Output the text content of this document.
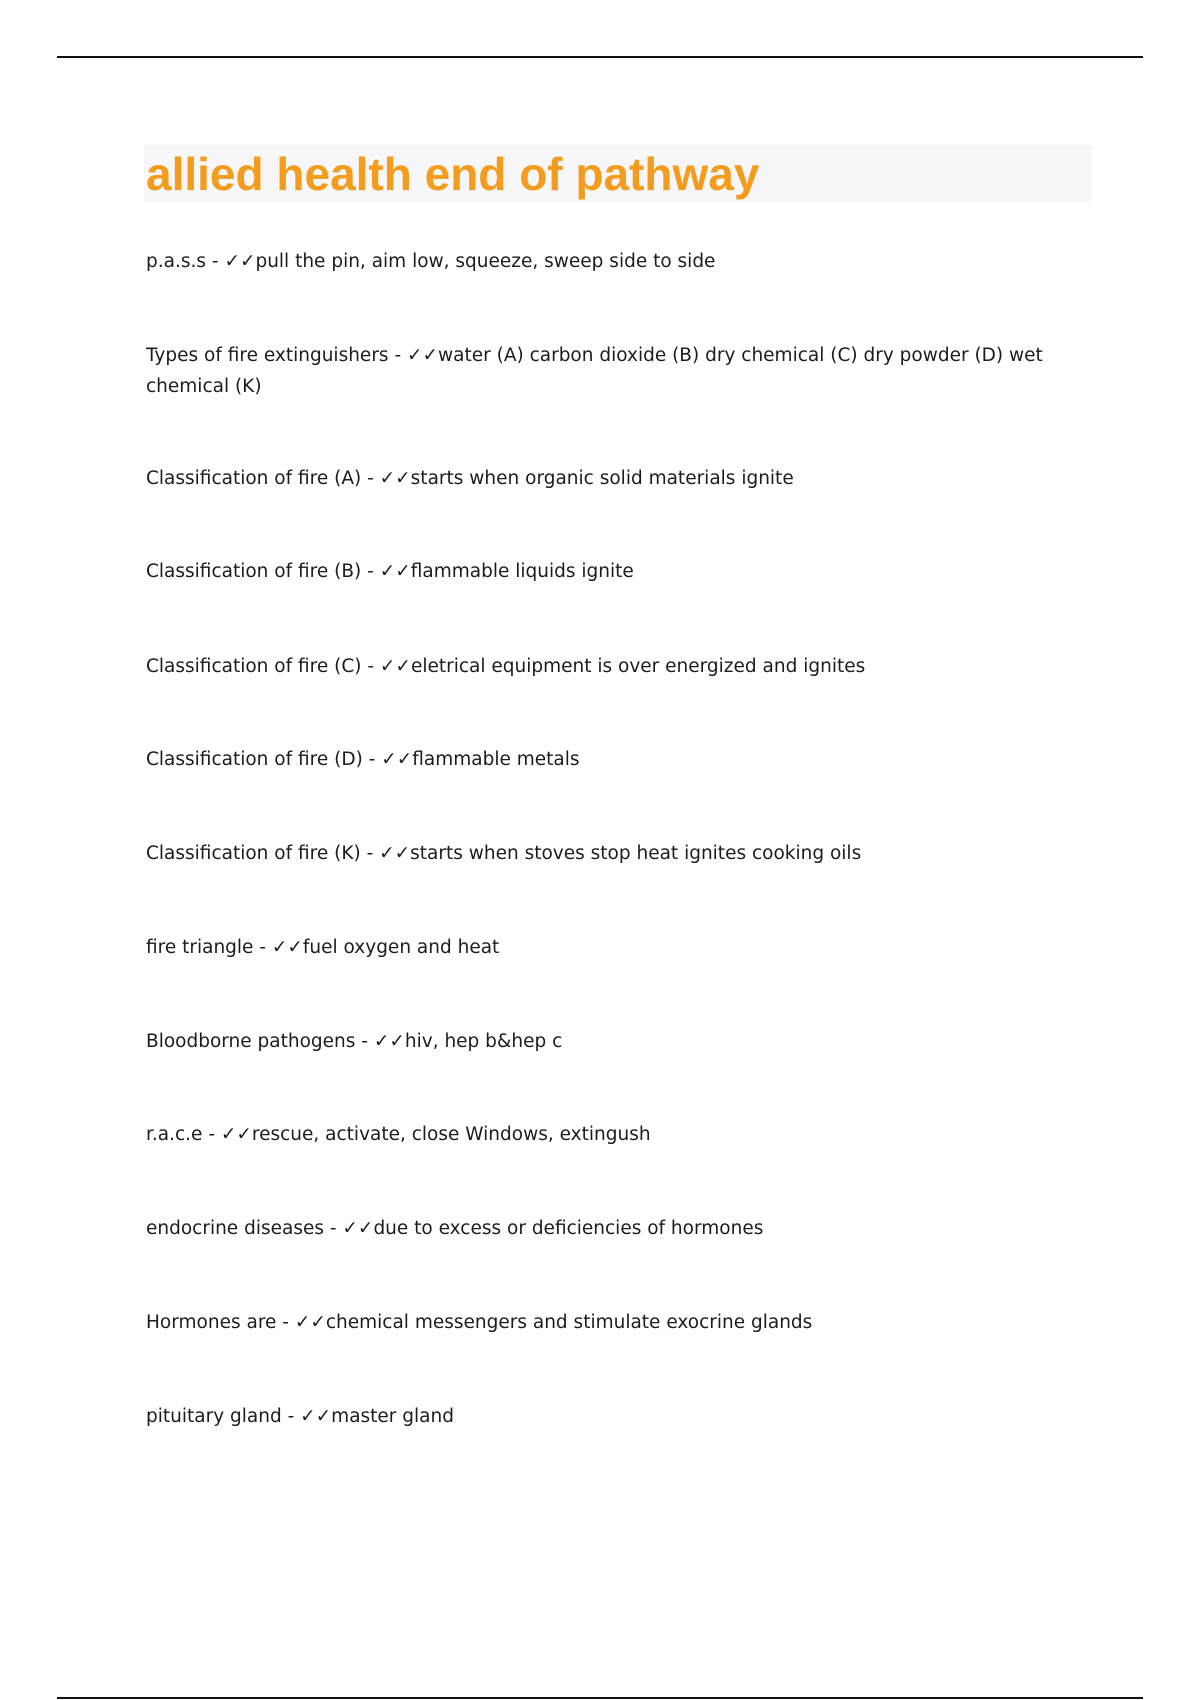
allied health end of pathway
p.a.s.s - ✓✓pull the pin, aim low, squeeze, sweep side to side
Types of fire extinguishers - ✓✓water (A) carbon dioxide (B) dry chemical (C) dry powder (D) wet chemical (K)
Classification of fire (A) - ✓✓starts when organic solid materials ignite
Classification of fire (B) - ✓✓flammable liquids ignite
Classification of fire (C) - ✓✓eletrical equipment is over energized and ignites
Classification of fire (D) - ✓✓flammable metals
Classification of fire (K) - ✓✓starts when stoves stop heat ignites cooking oils
fire triangle - ✓✓fuel oxygen and heat
Bloodborne pathogens - ✓✓hiv, hep b&hep c
r.a.c.e - ✓✓rescue, activate, close Windows, extingush
endocrine diseases - ✓✓due to excess or deficiencies of hormones
Hormones are - ✓✓chemical messengers and stimulate exocrine glands
pituitary gland - ✓✓master gland
